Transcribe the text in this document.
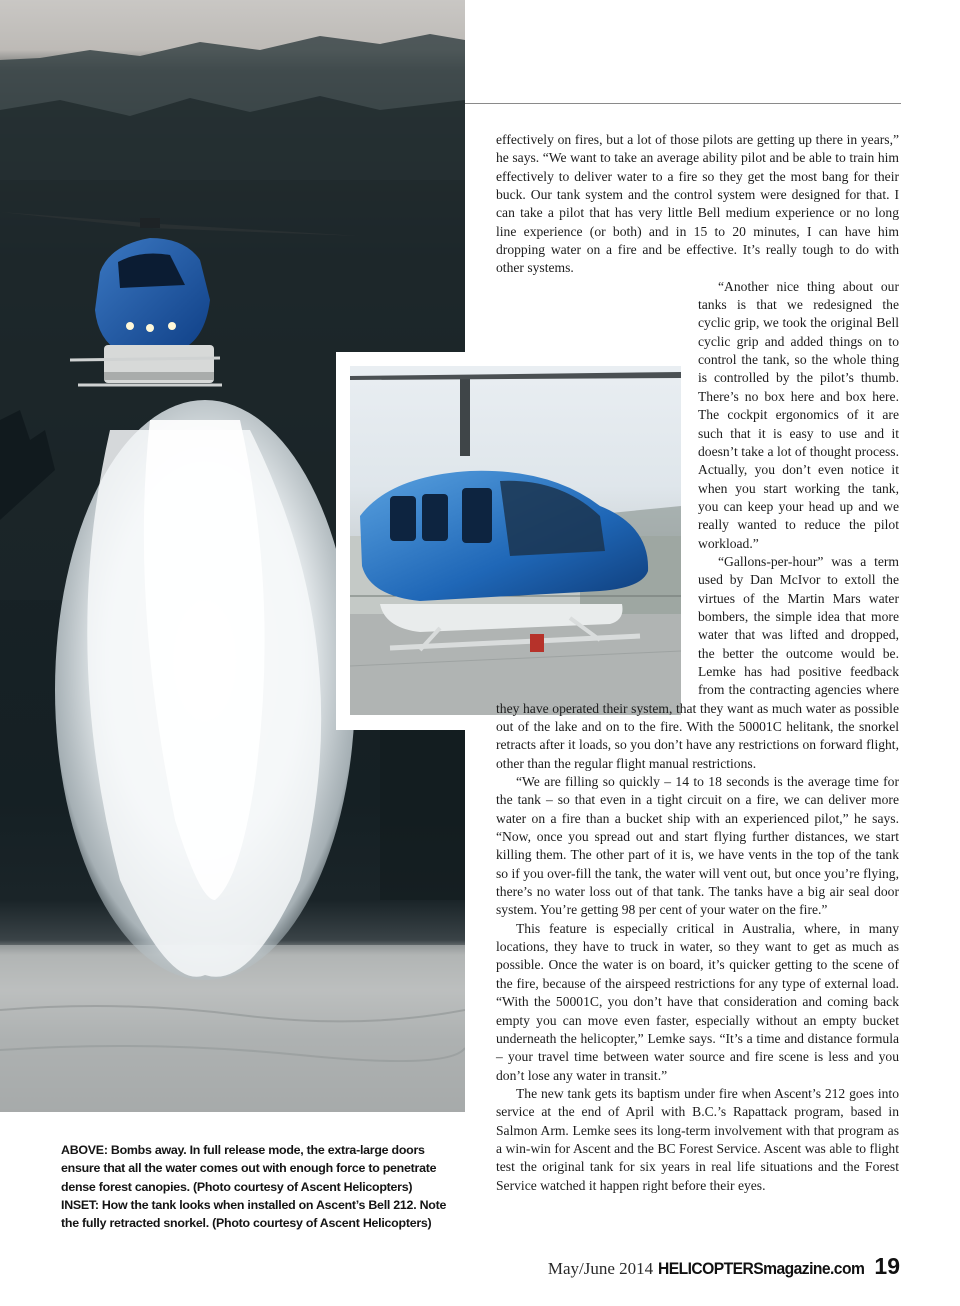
effectively on fires, but a lot of those pilots are getting up there in years,” he says. “We want to take an average ability pilot and be able to train him effectively to deliver water to a fire so they get the most bang for their buck. Our tank system and the control system were designed for that. I can take a pilot that has very little Bell medium experience or no long line experience (or both) and in 15 to 20 minutes, I can have him dropping water on a fire and be effective. It’s really tough to do with other systems.

“Another nice thing about our tanks is that we redesigned the cyclic grip, we took the original Bell cyclic grip and added things on to control the tank, so the whole thing is controlled by the pilot’s thumb. There’s no box here and box here. The cockpit ergonomics of it are such that it is easy to use and it doesn’t take a lot of thought process. Actually, you don’t even notice it when you start working the tank, you can keep your head up and we really wanted to reduce the pilot workload.”

“Gallons-per-hour” was a term used by Dan McIvor to extoll the virtues of the Martin Mars water bombers, the simple idea that more water that was lifted and dropped, the better the outcome would be. Lemke has had positive feedback from the contracting agencies where they have operated their system, that they want as much water as possible out of the lake and on to the fire. With the 50001C helitank, the snorkel retracts after it loads, so you don’t have any restrictions on forward flight, other than the regular flight manual restrictions.

“We are filling so quickly – 14 to 18 seconds is the average time for the tank – so that even in a tight circuit on a fire, we can deliver more water on a fire than a bucket ship with an experienced pilot,” he says. “Now, once you spread out and start flying further distances, we start killing them. The other part of it is, we have vents in the top of the tank so if you over-fill the tank, the water will vent out, but once you’re flying, there’s no water loss out of that tank. The tanks have a big air seal door system. You’re getting 98 per cent of your water on the fire.”

This feature is especially critical in Australia, where, in many locations, they have to truck in water, so they want to get as much as possible. Once the water is on board, it’s quicker getting to the scene of the fire, because of the airspeed restrictions for any type of external load. “With the 50001C, you don’t have that consideration and coming back empty you can move even faster, especially without an empty bucket underneath the helicopter,” Lemke says. “It’s a time and distance formula – your travel time between water source and fire scene is less and you don’t lose any water in transit.”

The new tank gets its baptism under fire when Ascent’s 212 goes into service at the end of April with B.C.’s Rapattack program, based in Salmon Arm. Lemke sees its long-term involvement with that program as a win-win for Ascent and the BC Forest Service. Ascent was able to flight test the original tank for six years in real life situations and the Forest Service watched it happen right before their eyes.

ABOVE: Bombs away. In full release mode, the extra-large doors ensure that all the water comes out with enough force to penetrate dense forest canopies. (Photo courtesy of Ascent Helicopters)

INSET: How the tank looks when installed on Ascent’s Bell 212. Note the fully retracted snorkel. (Photo courtesy of Ascent Helicopters)

May/June 2014 HELICOPTERSmagazine.com 19
